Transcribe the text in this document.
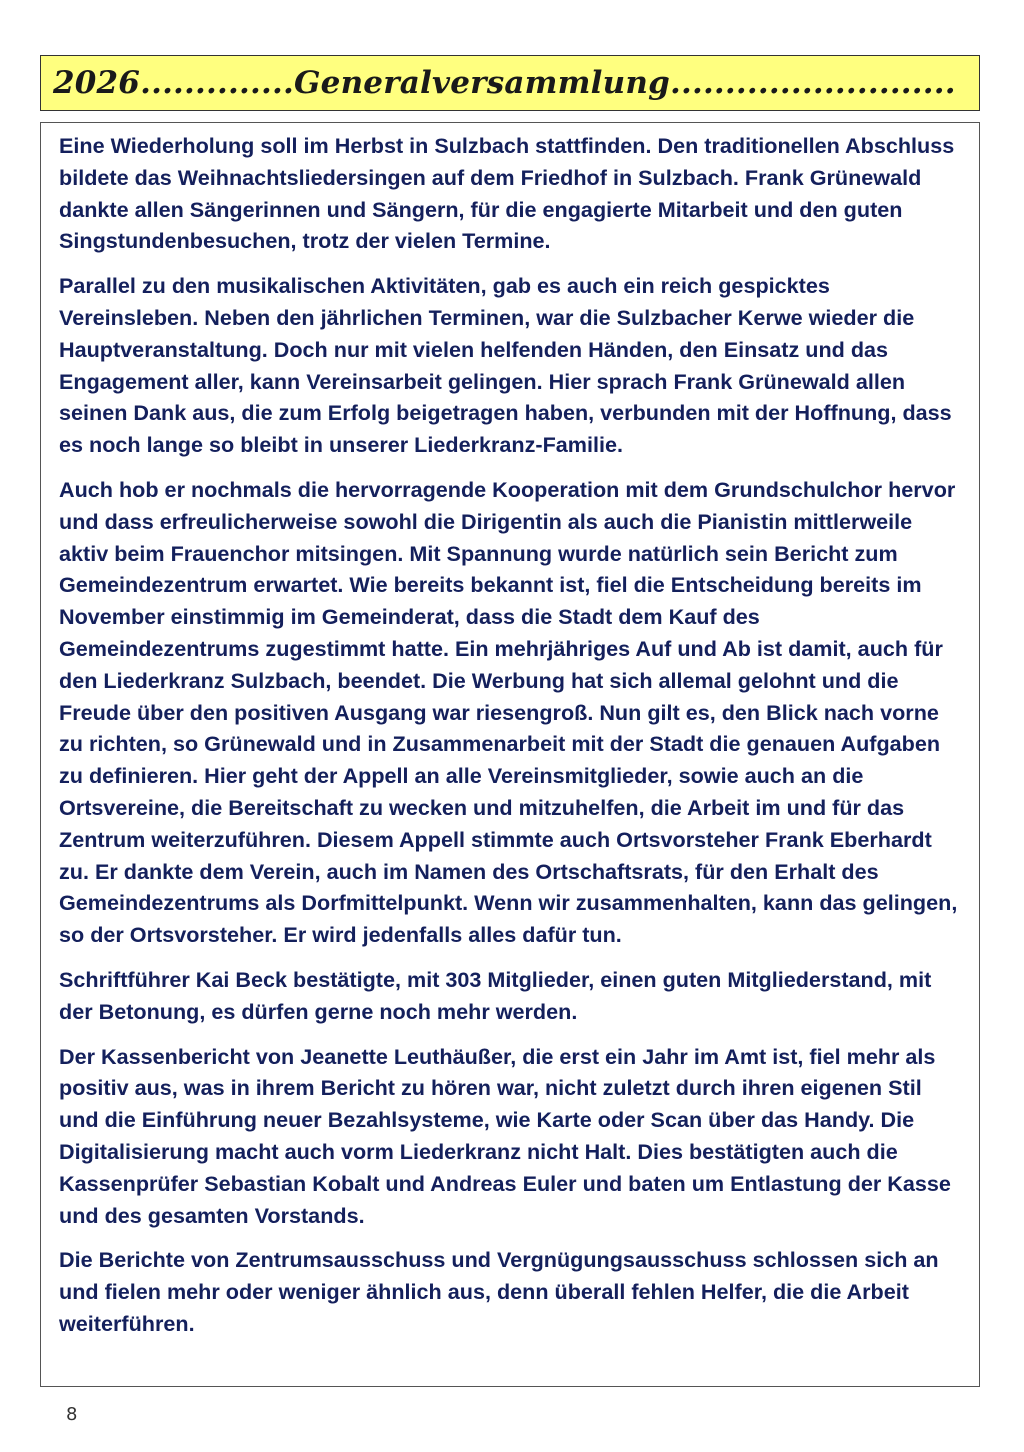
2026..............Generalversammlung..........................

Eine Wiederholung soll im Herbst in Sulzbach stattfinden. Den traditionellen Abschluss bildete das Weihnachtsliedersingen auf dem Friedhof in Sulzbach. Frank Grünewald dankte allen Sängerinnen und Sängern, für die engagierte Mitarbeit und den guten Singstundenbesuchen, trotz der vielen Termine.

Parallel zu den musikalischen Aktivitäten, gab es auch ein reich gespicktes Vereinsleben. Neben den jährlichen Terminen, war die Sulzbacher Kerwe wieder die Hauptveranstaltung. Doch nur mit vielen helfenden Händen, den Einsatz und das Engagement aller, kann Vereinsarbeit gelingen. Hier sprach Frank Grünewald allen seinen Dank aus, die zum Erfolg beigetragen haben, verbunden mit der Hoffnung, dass es noch lange so bleibt in unserer Liederkranz-Familie.

Auch hob er nochmals die hervorragende Kooperation mit dem Grundschulchor hervor und dass erfreulicherweise sowohl die Dirigentin als auch die Pianistin mittlerweile aktiv beim Frauenchor mitsingen. Mit Spannung wurde natürlich sein Bericht zum Gemeindezentrum erwartet. Wie bereits bekannt ist, fiel die Entscheidung bereits im November einstimmig im Gemeinderat, dass die Stadt dem Kauf des Gemeindezentrums zugestimmt hatte. Ein mehrjähriges Auf und Ab ist damit, auch für den Liederkranz Sulzbach, beendet. Die Werbung hat sich allemal gelohnt und die Freude über den positiven Ausgang war riesengroß. Nun gilt es, den Blick nach vorne zu richten, so Grünewald und in Zusammenarbeit mit der Stadt die genauen Aufgaben zu definieren. Hier geht der Appell an alle Vereinsmitglieder, sowie auch an die Ortsvereine, die Bereitschaft zu wecken und mitzuhelfen, die Arbeit im und für das Zentrum weiterzuführen. Diesem Appell stimmte auch Ortsvorsteher Frank Eberhardt zu. Er dankte dem Verein, auch im Namen des Ortschaftsrats, für den Erhalt des Gemeindezentrums als Dorfmittelpunkt. Wenn wir zusammenhalten, kann das gelingen, so der Ortsvorsteher. Er wird jedenfalls alles dafür tun.

Schriftführer Kai Beck bestätigte, mit 303 Mitglieder, einen guten Mitgliederstand, mit der Betonung, es dürfen gerne noch mehr werden.

Der Kassenbericht von Jeanette Leuthäußer, die erst ein Jahr im Amt ist, fiel mehr als positiv aus, was in ihrem Bericht zu hören war, nicht zuletzt durch ihren eigenen Stil und die Einführung neuer Bezahlsysteme, wie Karte oder Scan über das Handy. Die Digitalisierung macht auch vorm Liederkranz nicht Halt. Dies bestätigten auch die Kassenprüfer Sebastian Kobalt und Andreas Euler und baten um Entlastung der Kasse und des gesamten Vorstands.

Die Berichte von Zentrumsausschuss und Vergnügungsausschuss schlossen sich an und fielen mehr oder weniger ähnlich aus, denn überall fehlen Helfer, die die Arbeit weiterführen.

8
